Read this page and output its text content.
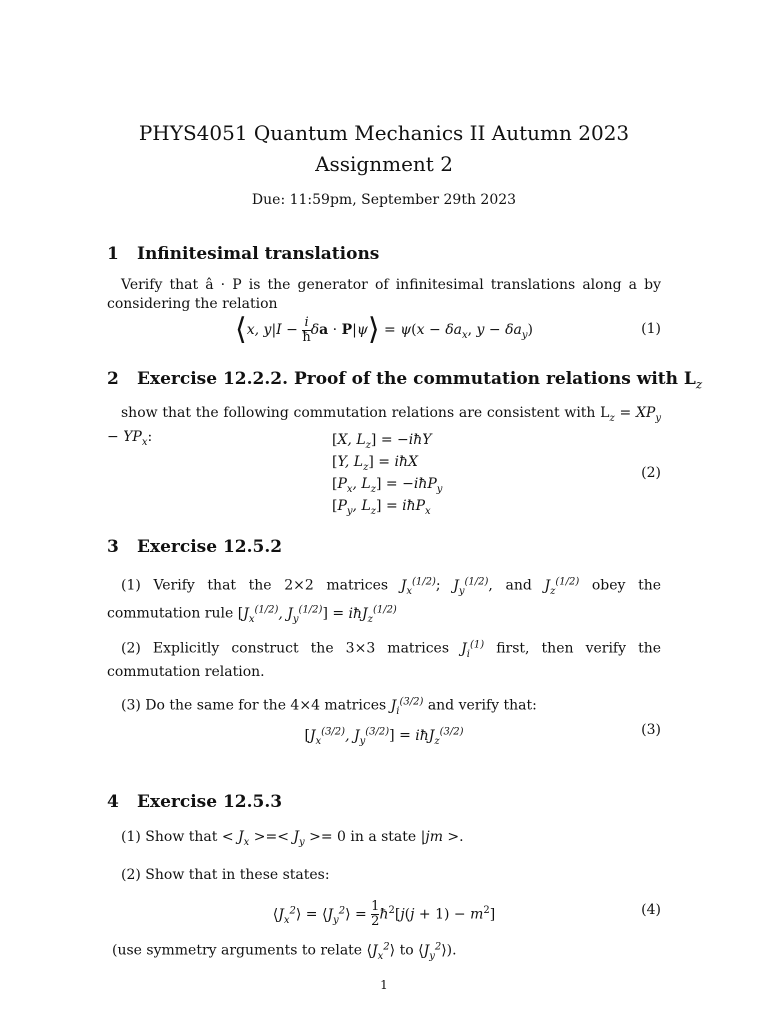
PHYS4051 Quantum Mechanics II Autumn 2023
Assignment 2
Due: 11:59pm, September 29th 2023
1 Infinitesimal translations
Verify that â · P is the generator of infinitesimal translations along a by considering the relation
⟨x, $y|I - \frac{i}{ħ}$ δa · P|ψ⟩ = $\psi(x - \delta a_x$, $y - \delta a_y$)	(1)
2 Exercise 12.2.2. Proof of the commutation relations with $L_z$
show that the following commutation relations are consistent with $L_z = XP_y - YP_x$:	[X, $L_z$] = −iħY
[Y, $L_z$] = iħX
[$P_x$, $L_z$] = −iħP$_y$
[$P_y$, $L_z$] = iħP$_x$
(2)
3 Exercise 12.5.2
(1) Verify that the 2×2 matrices $J_x^{(1/2)}$; $J_y^{(1/2)}$, and $J_z^{(1/2)}$ obey the commutation rule [$J_x^{(1/2)}$, $J_y^{(1/2)}$] = iħJ$_z^{(1/2)}$
(2) Explicitly construct the 3×3 matrices $J_i^{(1)}$ first, then verify the commutation relation.
(3) Do the same for the 4×4 matrices $J_i^{(3/2)}$ and verify that:
[$J_x^{(3/2)}$, $J_y^{(3/2)}$] = iħJ$_z^{(3/2)}$	(3)
4 Exercise 12.5.3
(1) Show that < $J_x$ >=< $J_y >= 0$ in a state |jm >.
(2) Show that in these states:
$⟨J_x^2⟩$ = $⟨J_y^2⟩ = \frac{1}{2}$ $ħ^2[j(j + 1) - m^2]$	(4)
(use symmetry arguments to relate $⟨J_x^2⟩$ to $⟨J_y^2⟩$).
1
